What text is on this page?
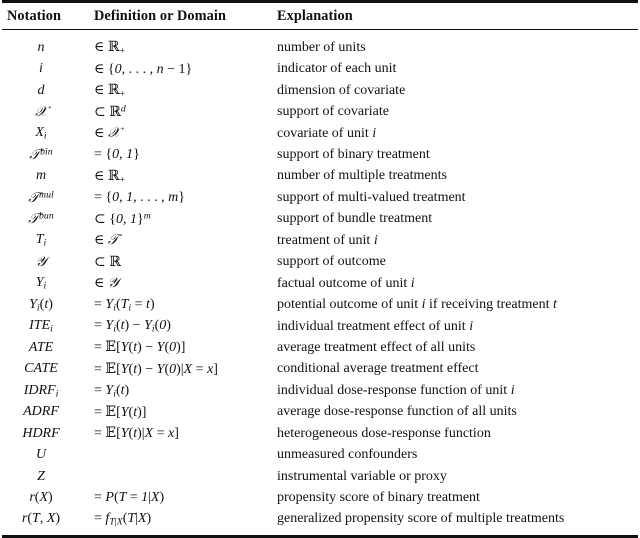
Notation	Definition or Domain	Explanation

n	∈ ℝ$_+$	number of units
i	∈ {0, . . . , n − 1}	indicator of each unit
d	∈ ℝ$_+$	dimension of covariate
𝒳	⊂ ℝ$^d$	support of covariate
$X_i$	∈ 𝒳	covariate of unit i
𝒯$^{bin}$	= {0, 1}	support of binary treatment
m	∈ ℝ$_+$	number of multiple treatments
𝒯$^{mul}$	= {0, 1, . . . , m}	support of multi-valued treatment
𝒯$^{bun}$	⊂ {0, 1}$^m$	support of bundle treatment
$T_i$	∈ 𝒯	treatment of unit i
𝒴	⊂ ℝ	support of outcome
$Y_i$	∈ 𝒴	factual outcome of unit i
$Y_i(t)$	= $Y_i(T_i = t)$	potential outcome of unit i if receiving treatment t
$ITE_i$	= $Y_i(t) - Y_i(0)$	individual treatment effect of unit i
ATE	= 𝔼[Y(t) − Y(0)]	average treatment effect of all units
CATE	= 𝔼[Y(t) − Y(0)|X = x]	conditional average treatment effect
$IDRF_i$	= $Y_i(t)$	individual dose-response function of unit i
ADRF	= 𝔼[Y(t)]	average dose-response function of all units
HDRF	= 𝔼[Y(t)|X = x]	heterogeneous dose-response function
U		unmeasured confounders
Z		instrumental variable or proxy
r(X)	= P(T = 1|X)	propensity score of binary treatment
r(T, X)	= $f_{T|X}(T|X)$	generalized propensity score of multiple treatments
